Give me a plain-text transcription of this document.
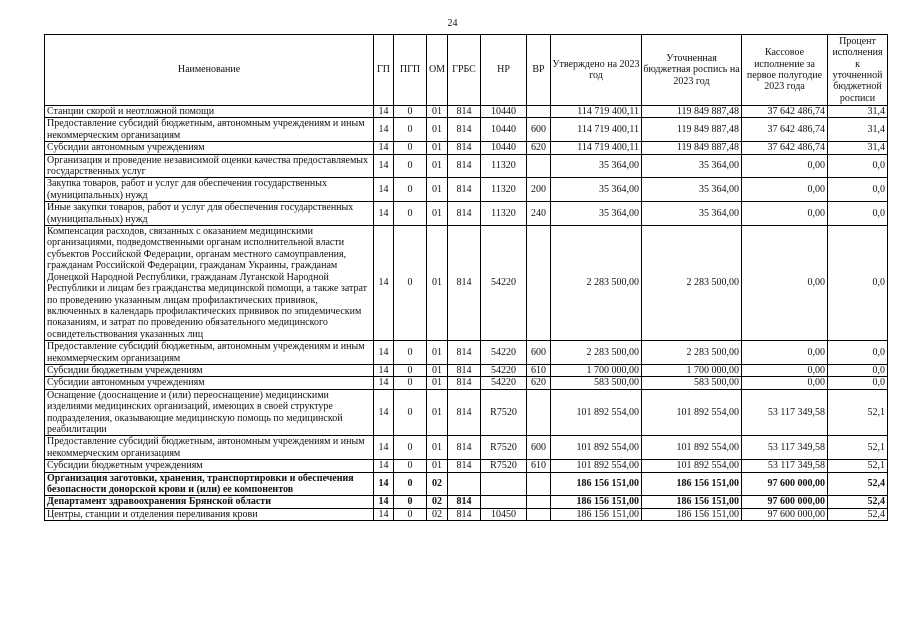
24
Наименование	ГП	ПГП	ОМ	ГРБС	НР	ВР	Утверждено на 2023 год	Уточненная бюджетная роспись на 2023 год	Кассовое исполнение за первое полугодие 2023 года	Процент исполнения к уточненной бюджетной росписи
Станции скорой и неотложной помощи	14	0	01	814	10440		114 719 400,11	119 849 887,48	37 642 486,74	31,4
Предоставление субсидий бюджетным, автономным учреждениям и иным некоммерческим организациям	14	0	01	814	10440	600	114 719 400,11	119 849 887,48	37 642 486,74	31,4
Субсидии автономным учреждениям	14	0	01	814	10440	620	114 719 400,11	119 849 887,48	37 642 486,74	31,4
Организация и проведение независимой оценки качества предоставляемых государственных услуг	14	0	01	814	11320		35 364,00	35 364,00	0,00	0,0
Закупка товаров, работ и услуг для обеспечения государственных (муниципальных) нужд	14	0	01	814	11320	200	35 364,00	35 364,00	0,00	0,0
Иные закупки товаров, работ и услуг для обеспечения государственных (муниципальных) нужд	14	0	01	814	11320	240	35 364,00	35 364,00	0,00	0,0
Компенсация расходов, связанных с оказанием медицинскими организациями, подведомственными органам исполнительной власти субъектов Российской Федерации, органам местного самоуправления, гражданам Российской Федерации, гражданам Украины, гражданам Донецкой Народной Республики, гражданам Луганской Народной Республики и лицам без гражданства медицинской помощи, а также затрат по проведению указанным лицам профилактических прививок, включенных в календарь профилактических прививок по эпидемическим показаниям, и затрат по проведению обязательного медицинского освидетельствования указанных лиц	14	0	01	814	54220		2 283 500,00	2 283 500,00	0,00	0,0
Предоставление субсидий бюджетным, автономным учреждениям и иным некоммерческим организациям	14	0	01	814	54220	600	2 283 500,00	2 283 500,00	0,00	0,0
Субсидии бюджетным учреждениям	14	0	01	814	54220	610	1 700 000,00	1 700 000,00	0,00	0,0
Субсидии автономным учреждениям	14	0	01	814	54220	620	583 500,00	583 500,00	0,00	0,0
Оснащение (дооснащение и (или) переоснащение) медицинскими изделиями медицинских организаций, имеющих в своей структуре подразделения, оказывающие медицинскую помощь по медицинской реабилитации	14	0	01	814	R7520		101 892 554,00	101 892 554,00	53 117 349,58	52,1
Предоставление субсидий бюджетным, автономным учреждениям и иным некоммерческим организациям	14	0	01	814	R7520	600	101 892 554,00	101 892 554,00	53 117 349,58	52,1
Субсидии бюджетным учреждениям	14	0	01	814	R7520	610	101 892 554,00	101 892 554,00	53 117 349,58	52,1
Организация заготовки, хранения, транспортировки и обеспечения безопасности донорской крови и (или) ее компонентов	14	0	02				186 156 151,00	186 156 151,00	97 600 000,00	52,4
Департамент здравоохранения Брянской области	14	0	02	814			186 156 151,00	186 156 151,00	97 600 000,00	52,4
Центры, станции и отделения переливания крови	14	0	02	814	10450		186 156 151,00	186 156 151,00	97 600 000,00	52,4
